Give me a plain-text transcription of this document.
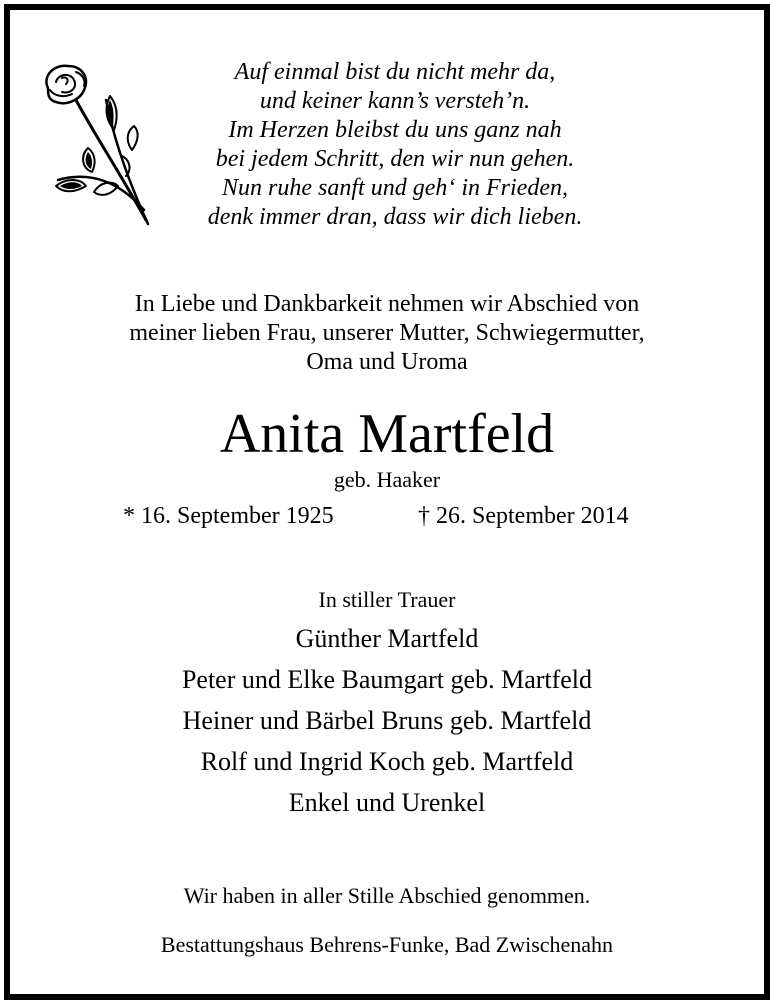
Auf einmal bist du nicht mehr da,
und keiner kann’s versteh’n.
Im Herzen bleibst du uns ganz nah
bei jedem Schritt, den wir nun gehen.
Nun ruhe sanft und geh‘ in Frieden,
denk immer dran, dass wir dich lieben.
In Liebe und Dankbarkeit nehmen wir Abschied von
meiner lieben Frau, unserer Mutter, Schwiegermutter,
Oma und Uroma
Anita Martfeld
geb. Haaker
* 16. September 1925	† 26. September 2014
In stiller Trauer
Günther Martfeld
Peter und Elke Baumgart geb. Martfeld
Heiner und Bärbel Bruns geb. Martfeld
Rolf und Ingrid Koch geb. Martfeld
Enkel und Urenkel
Wir haben in aller Stille Abschied genommen.
Bestattungshaus Behrens-Funke, Bad Zwischenahn
